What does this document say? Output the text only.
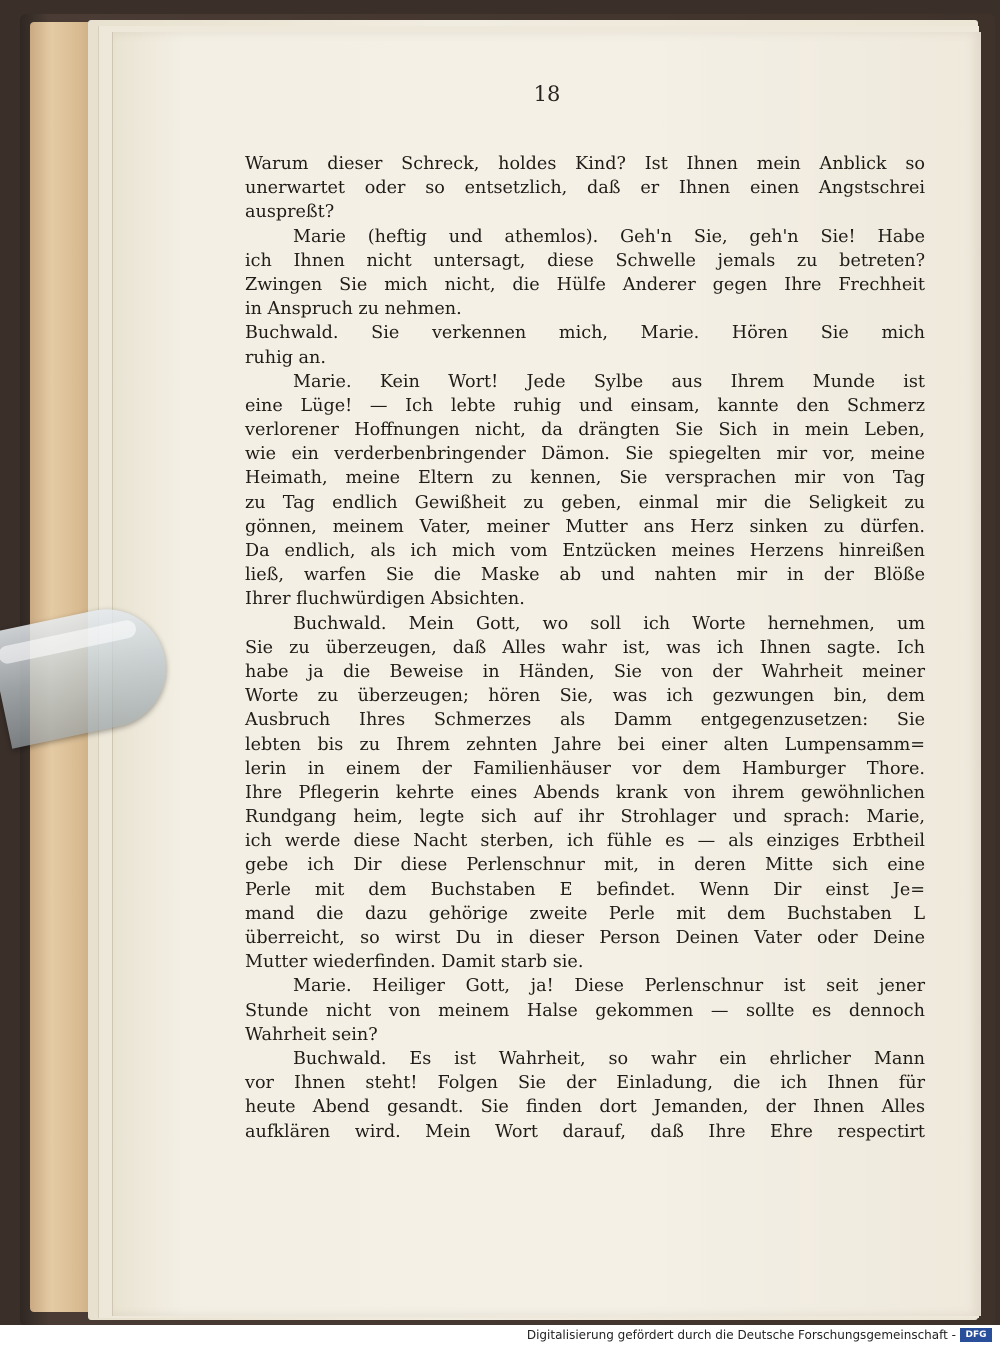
18
Warum dieser Schreck, holdes Kind? Ist Ihnen mein Anblick so
unerwartet oder so entsetzlich, daß er Ihnen einen Angstschrei
auspreßt?
Marie (heftig und athemlos). Geh'n Sie, geh'n Sie! Habe
ich Ihnen nicht untersagt, diese Schwelle jemals zu betreten?
Zwingen Sie mich nicht, die Hülfe Anderer gegen Ihre Frechheit
in Anspruch zu nehmen.
Buchwald. Sie verkennen mich, Marie. Hören Sie mich
ruhig an.
Marie. Kein Wort! Jede Sylbe aus Ihrem Munde ist
eine Lüge! — Ich lebte ruhig und einsam, kannte den Schmerz
verlorener Hoffnungen nicht, da drängten Sie Sich in mein Leben,
wie ein verderbenbringender Dämon. Sie spiegelten mir vor, meine
Heimath, meine Eltern zu kennen, Sie versprachen mir von Tag
zu Tag endlich Gewißheit zu geben, einmal mir die Seligkeit zu
gönnen, meinem Vater, meiner Mutter ans Herz sinken zu dürfen.
Da endlich, als ich mich vom Entzücken meines Herzens hinreißen
ließ, warfen Sie die Maske ab und nahten mir in der Blöße
Ihrer fluchwürdigen Absichten.
Buchwald. Mein Gott, wo soll ich Worte hernehmen, um
Sie zu überzeugen, daß Alles wahr ist, was ich Ihnen sagte. Ich
habe ja die Beweise in Händen, Sie von der Wahrheit meiner
Worte zu überzeugen; hören Sie, was ich gezwungen bin, dem
Ausbruch Ihres Schmerzes als Damm entgegenzusetzen: Sie
lebten bis zu Ihrem zehnten Jahre bei einer alten Lumpensamm=
lerin in einem der Familienhäuser vor dem Hamburger Thore.
Ihre Pflegerin kehrte eines Abends krank von ihrem gewöhnlichen
Rundgang heim, legte sich auf ihr Strohlager und sprach: Marie,
ich werde diese Nacht sterben, ich fühle es — als einziges Erbtheil
gebe ich Dir diese Perlenschnur mit, in deren Mitte sich eine
Perle mit dem Buchstaben E befindet. Wenn Dir einst Je=
mand die dazu gehörige zweite Perle mit dem Buchstaben L
überreicht, so wirst Du in dieser Person Deinen Vater oder Deine
Mutter wiederfinden. Damit starb sie.
Marie. Heiliger Gott, ja! Diese Perlenschnur ist seit jener
Stunde nicht von meinem Halse gekommen — sollte es dennoch
Wahrheit sein?
Buchwald. Es ist Wahrheit, so wahr ein ehrlicher Mann
vor Ihnen steht! Folgen Sie der Einladung, die ich Ihnen für
heute Abend gesandt. Sie finden dort Jemanden, der Ihnen Alles
aufklären wird. Mein Wort darauf, daß Ihre Ehre respectirt
Digitalisierung gefördert durch die Deutsche Forschungsgemeinschaft -	DFG
